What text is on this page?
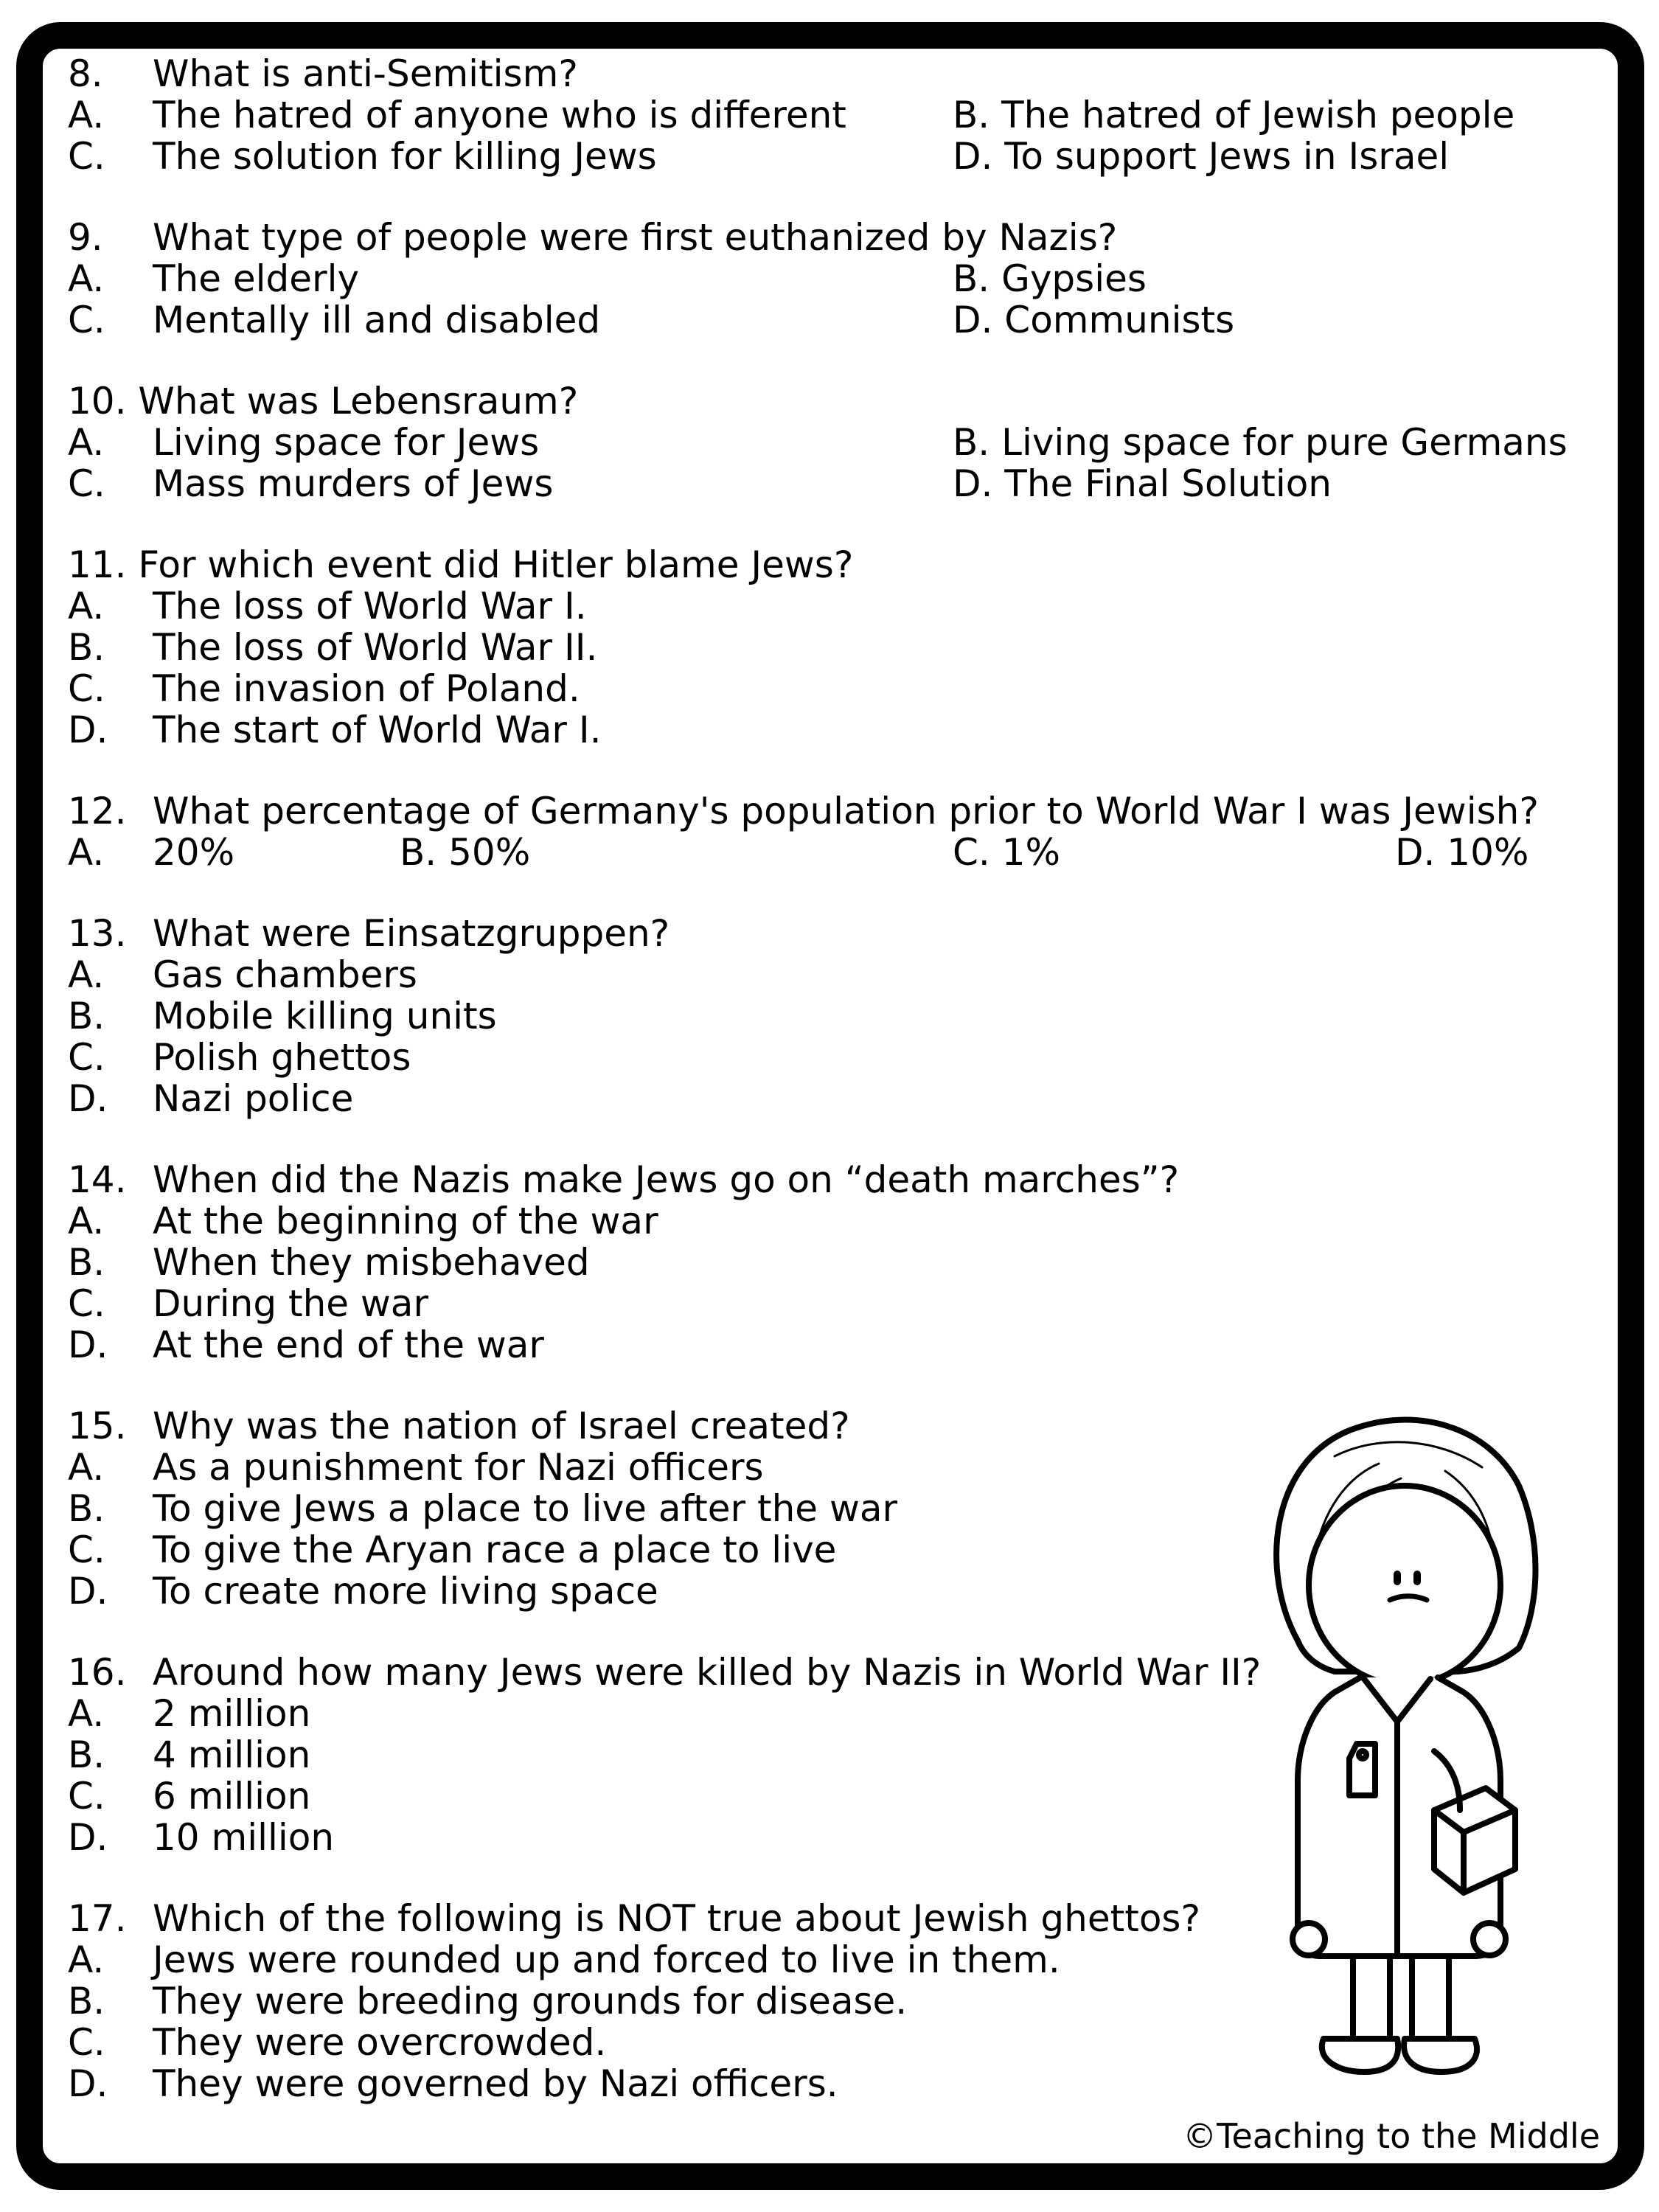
8. What is anti-Semitism?
A. The hatred of anyone who is different	B. The hatred of Jewish people
C. The solution for killing Jews	D. To support Jews in Israel
9. What type of people were first euthanized by Nazis?
A. The elderly	B. Gypsies
C. Mentally ill and disabled	D. Communists
10. What was Lebensraum?
A. Living space for Jews	B. Living space for pure Germans
C. Mass murders of Jews	D. The Final Solution
11. For which event did Hitler blame Jews?
A. The loss of World War I.
B. The loss of World War II.
C. The invasion of Poland.
D. The start of World War I.
12. What percentage of Germany's population prior to World War I was Jewish?
A. 20%	B. 50%	C. 1%	D. 10%
13. What were Einsatzgruppen?
A. Gas chambers
B. Mobile killing units
C. Polish ghettos
D. Nazi police
14. When did the Nazis make Jews go on “death marches”?
A. At the beginning of the war
B. When they misbehaved
C. During the war
D. At the end of the war
15. Why was the nation of Israel created?
A. As a punishment for Nazi officers
B. To give Jews a place to live after the war
C. To give the Aryan race a place to live
D. To create more living space
16. Around how many Jews were killed by Nazis in World War II?
A. 2 million
B. 4 million
C. 6 million
D. 10 million
17. Which of the following is NOT true about Jewish ghettos?
A. Jews were rounded up and forced to live in them.
B. They were breeding grounds for disease.
C. They were overcrowded.
D. They were governed by Nazi officers.
©Teaching to the Middle
